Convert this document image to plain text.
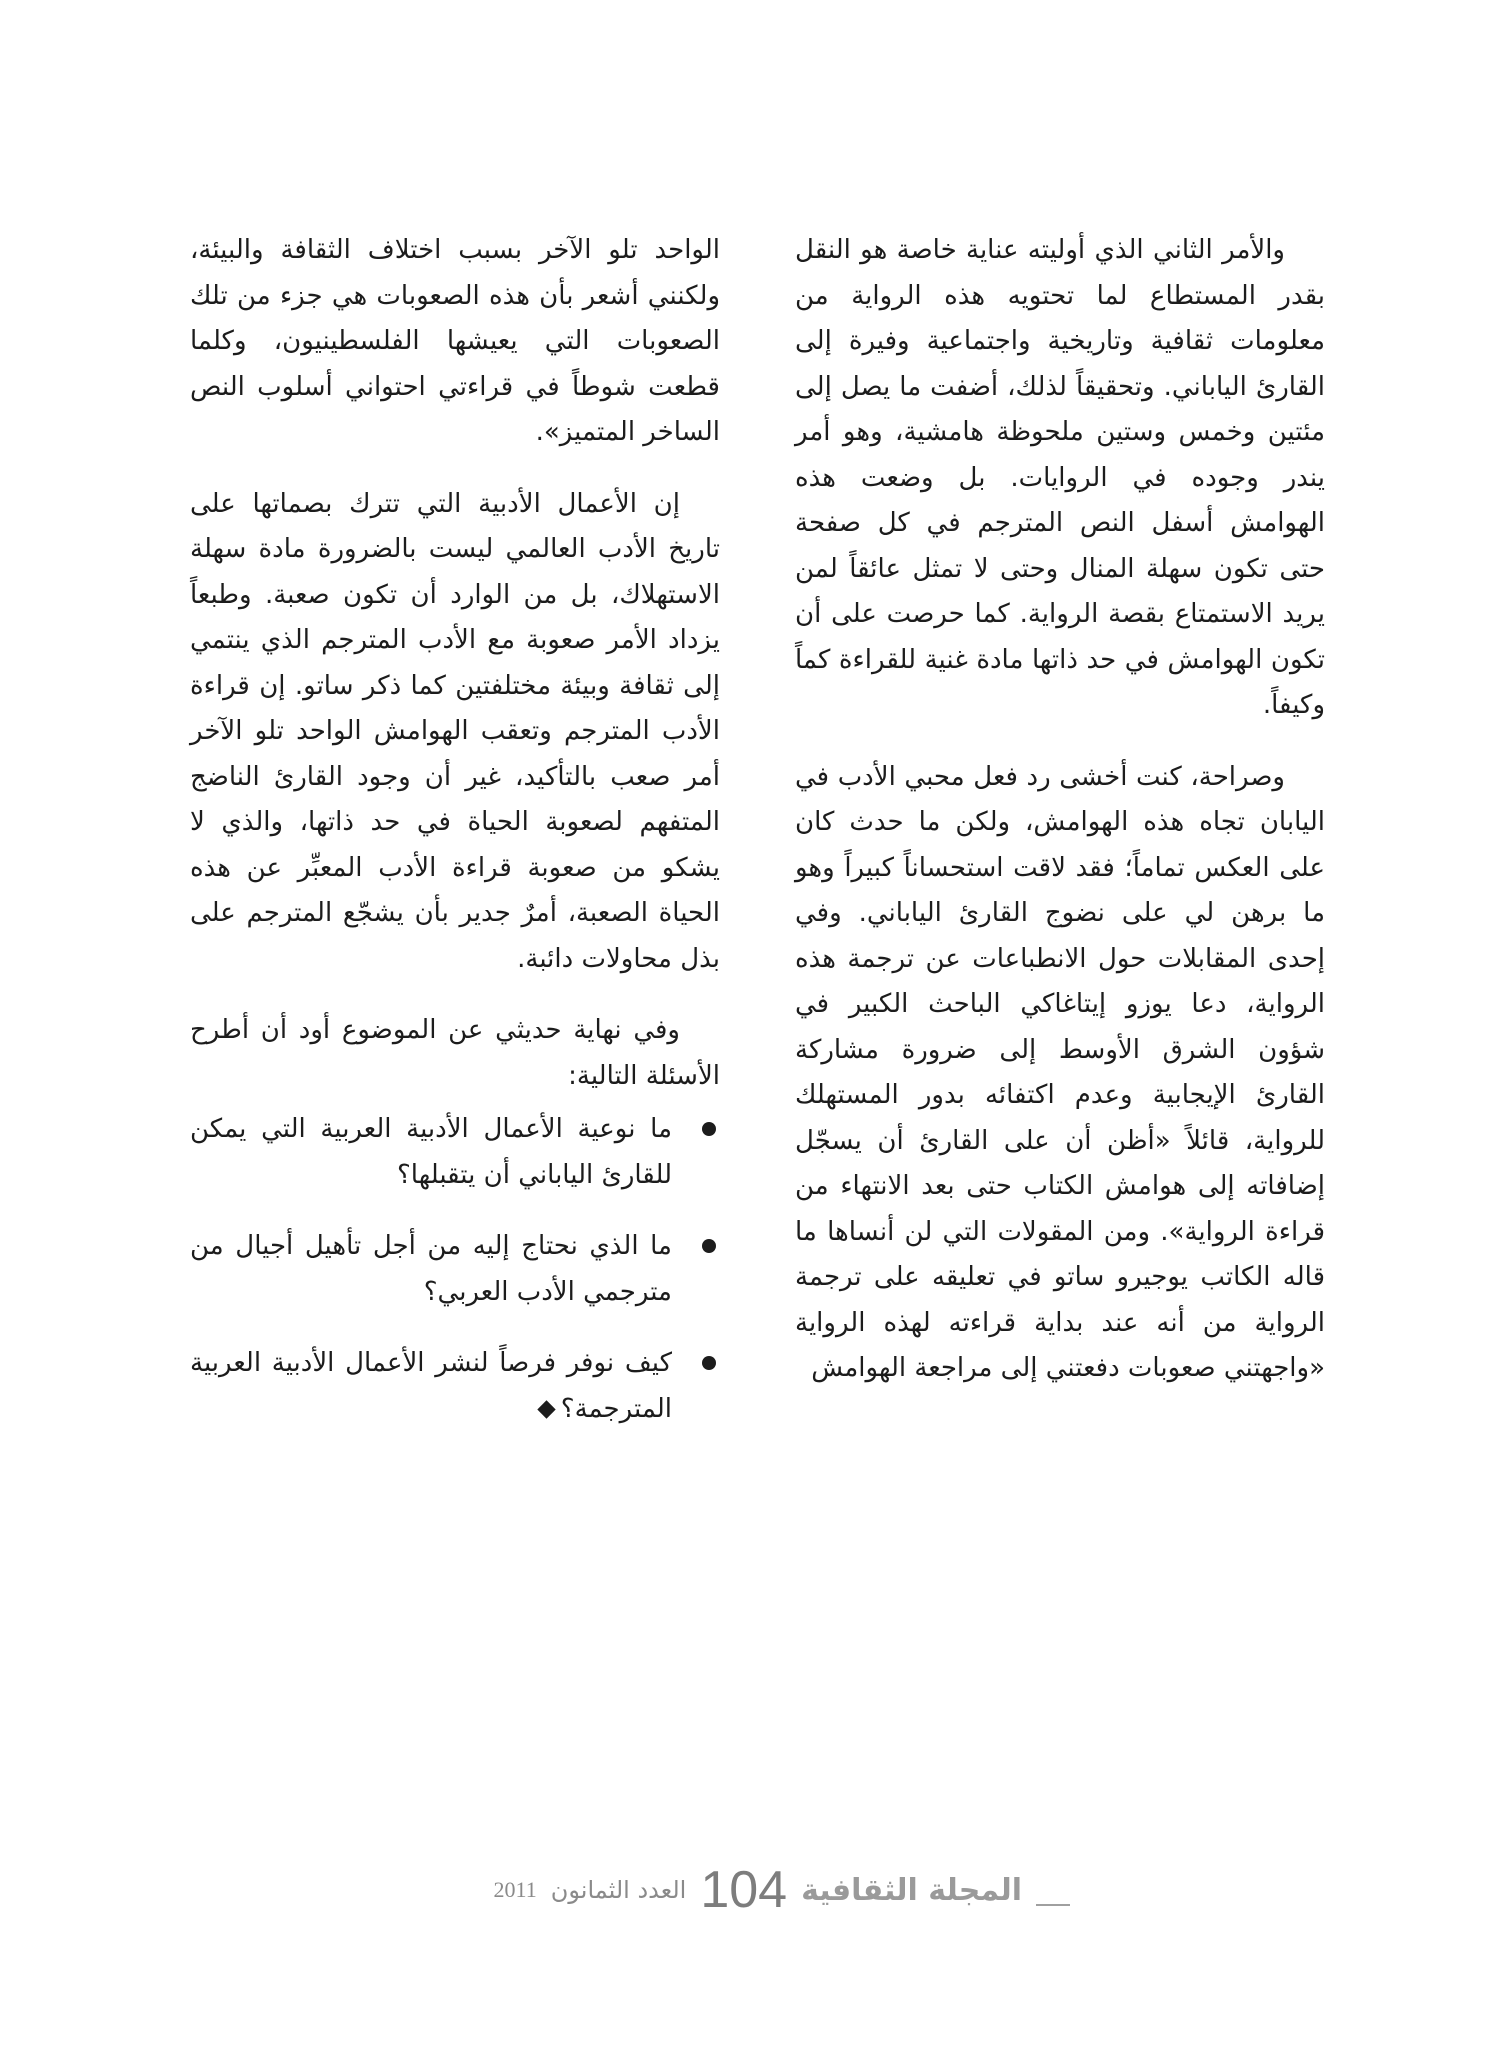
والأمر الثاني الذي أوليته عناية خاصة هو النقل بقدر المستطاع لما تحتويه هذه الرواية من معلومات ثقافية وتاريخية واجتماعية وفيرة إلى القارئ الياباني. وتحقيقاً لذلك، أضفت ما يصل إلى مئتين وخمس وستين ملحوظة هامشية، وهو أمر يندر وجوده في الروايات. بل وضعت هذه الهوامش أسفل النص المترجم في كل صفحة حتى تكون سهلة المنال وحتى لا تمثل عائقاً لمن يريد الاستمتاع بقصة الرواية. كما حرصت على أن تكون الهوامش في حد ذاتها مادة غنية للقراءة كماً وكيفاً.

وصراحة، كنت أخشى رد فعل محبي الأدب في اليابان تجاه هذه الهوامش، ولكن ما حدث كان على العكس تماماً؛ فقد لاقت استحساناً كبيراً وهو ما برهن لي على نضوج القارئ الياباني. وفي إحدى المقابلات حول الانطباعات عن ترجمة هذه الرواية، دعا يوزو إيتاغاكي الباحث الكبير في شؤون الشرق الأوسط إلى ضرورة مشاركة القارئ الإيجابية وعدم اكتفائه بدور المستهلك للرواية، قائلاً «أظن أن على القارئ أن يسجّل إضافاته إلى هوامش الكتاب حتى بعد الانتهاء من قراءة الرواية». ومن المقولات التي لن أنساها ما قاله الكاتب يوجيرو ساتو في تعليقه على ترجمة الرواية من أنه عند بداية قراءته لهذه الرواية «واجهتني صعوبات دفعتني إلى مراجعة الهوامش

الواحد تلو الآخر بسبب اختلاف الثقافة والبيئة، ولكنني أشعر بأن هذه الصعوبات هي جزء من تلك الصعوبات التي يعيشها الفلسطينيون، وكلما قطعت شوطاً في قراءتي احتواني أسلوب النص الساخر المتميز».

إن الأعمال الأدبية التي تترك بصماتها على تاريخ الأدب العالمي ليست بالضرورة مادة سهلة الاستهلاك، بل من الوارد أن تكون صعبة. وطبعاً يزداد الأمر صعوبة مع الأدب المترجم الذي ينتمي إلى ثقافة وبيئة مختلفتين كما ذكر ساتو. إن قراءة الأدب المترجم وتعقب الهوامش الواحد تلو الآخر أمر صعب بالتأكيد، غير أن وجود القارئ الناضج المتفهم لصعوبة الحياة في حد ذاتها، والذي لا يشكو من صعوبة قراءة الأدب المعبِّر عن هذه الحياة الصعبة، أمرٌ جدير بأن يشجّع المترجم على بذل محاولات دائبة.

وفي نهاية حديثي عن الموضوع أود أن أطرح الأسئلة التالية:

ما نوعية الأعمال الأدبية العربية التي يمكن للقارئ الياباني أن يتقبلها؟
ما الذي نحتاج إليه من أجل تأهيل أجيال من مترجمي الأدب العربي؟
كيف نوفر فرصاً لنشر الأعمال الأدبية العربية المترجمة؟
المجلة الثقافية
104
العدد الثمانون
2011
